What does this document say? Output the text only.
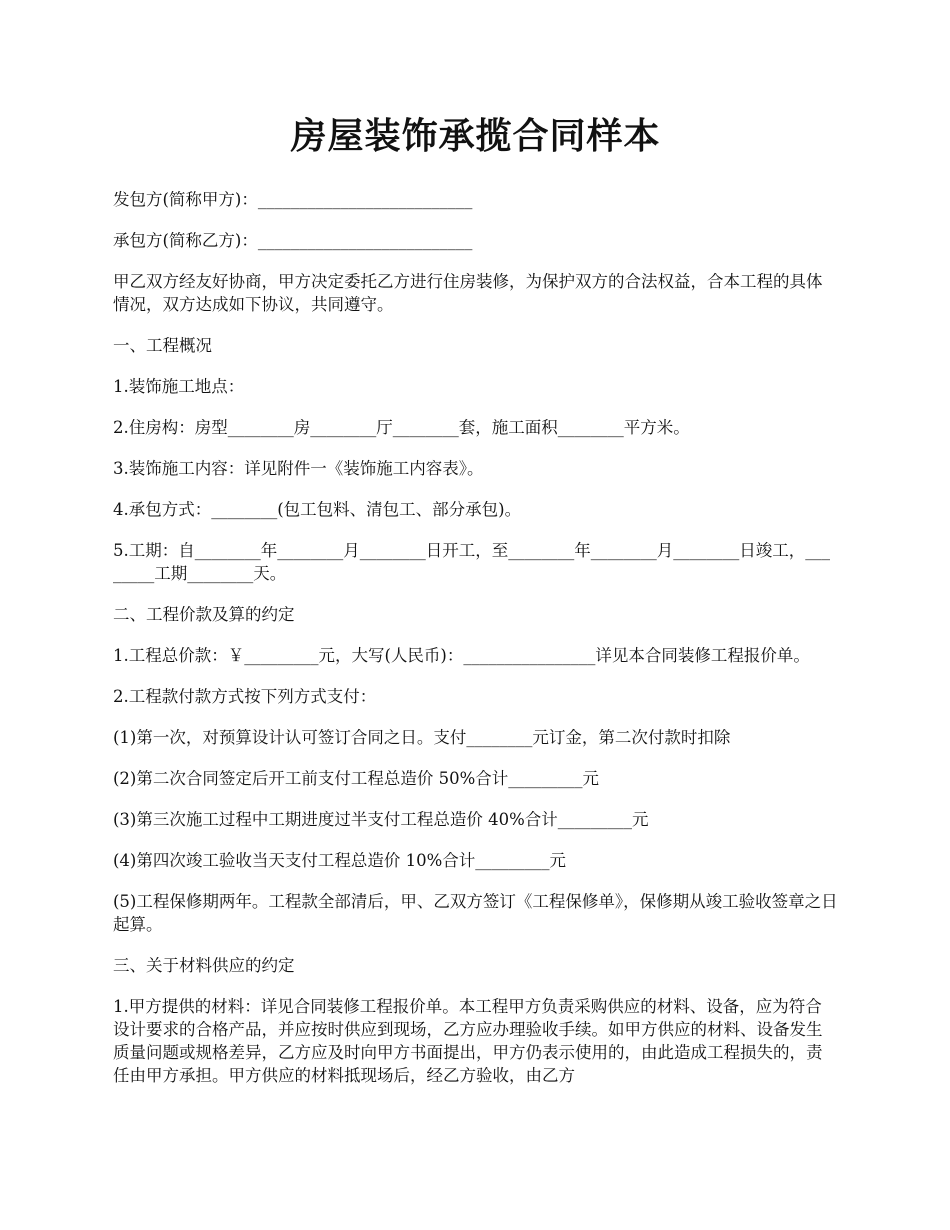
房屋装饰承揽合同样本

发包方(简称甲方)：__________________________

承包方(简称乙方)：__________________________

甲乙双方经友好协商，甲方决定委托乙方进行住房装修，为保护双方的合法权益，合本工程的具体情况，双方达成如下协议，共同遵守。

一、工程概况

1.装饰施工地点：

2.住房构：房型________房________厅________套，施工面积________平方米。

3.装饰施工内容：详见附件一《装饰施工内容表》。

4.承包方式：________(包工包料、清包工、部分承包)。

5.工期：自________年________月________日开工，至________年________月________日竣工，________工期________天。

二、工程价款及算的约定

1.工程总价款：￥_________元，大写(人民币)：________________详见本合同装修工程报价单。

2.工程款付款方式按下列方式支付：

(1)第一次，对预算设计认可签订合同之日。支付________元订金，第二次付款时扣除

(2)第二次合同签定后开工前支付工程总造价 50%合计_________元

(3)第三次施工过程中工期进度过半支付工程总造价 40%合计_________元

(4)第四次竣工验收当天支付工程总造价 10%合计_________元

(5)工程保修期两年。工程款全部清后，甲、乙双方签订《工程保修单》，保修期从竣工验收签章之日起算。

三、关于材料供应的约定

1.甲方提供的材料：详见合同装修工程报价单。本工程甲方负责采购供应的材料、设备，应为符合设计要求的合格产品，并应按时供应到现场，乙方应办理验收手续。如甲方供应的材料、设备发生质量问题或规格差异，乙方应及时向甲方书面提出，甲方仍表示使用的，由此造成工程损失的，责任由甲方承担。甲方供应的材料抵现场后，经乙方验收，由乙方
